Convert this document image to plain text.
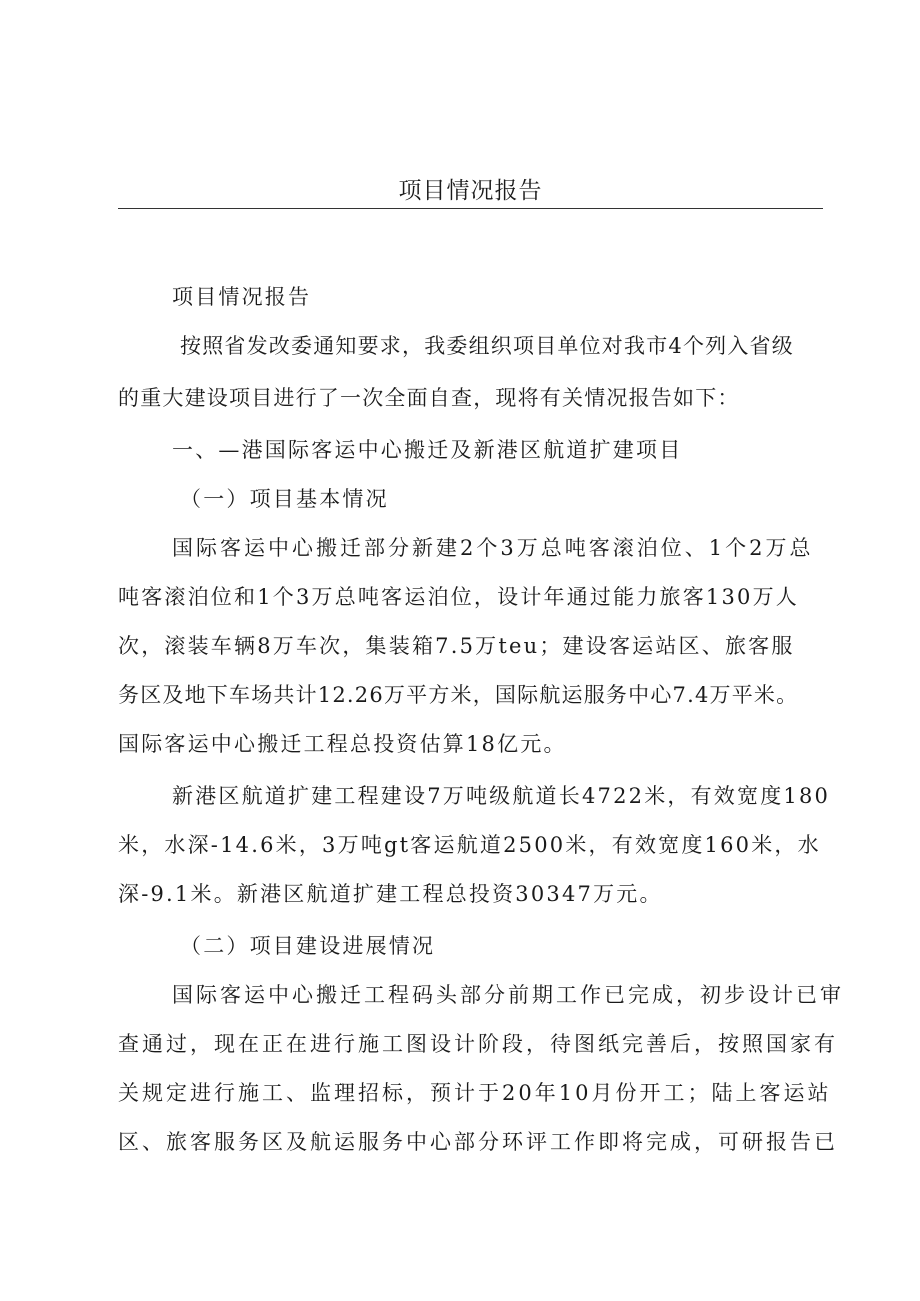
项目情况报告
项目情况报告
按照省发改委通知要求，我委组织项目单位对我市4个列入省级
的重大建设项目进行了一次全面自查，现将有关情况报告如下：
一、—港国际客运中心搬迁及新港区航道扩建项目
（一）项目基本情况
国际客运中心搬迁部分新建2个3万总吨客滚泊位、1个2万总
吨客滚泊位和1个3万总吨客运泊位，设计年通过能力旅客130万人
次，滚装车辆8万车次，集装箱7.5万teu；建设客运站区、旅客服
务区及地下车场共计12.26万平方米，国际航运服务中心7.4万平米。
国际客运中心搬迁工程总投资估算18亿元。
新港区航道扩建工程建设7万吨级航道长4722米，有效宽度180
米，水深-14.6米，3万吨gt客运航道2500米，有效宽度160米，水
深-9.1米。新港区航道扩建工程总投资30347万元。
（二）项目建设进展情况
国际客运中心搬迁工程码头部分前期工作已完成，初步设计已审
查通过，现在正在进行施工图设计阶段，待图纸完善后，按照国家有
关规定进行施工、监理招标，预计于20年10月份开工；陆上客运站
区、旅客服务区及航运服务中心部分环评工作即将完成，可研报告已
